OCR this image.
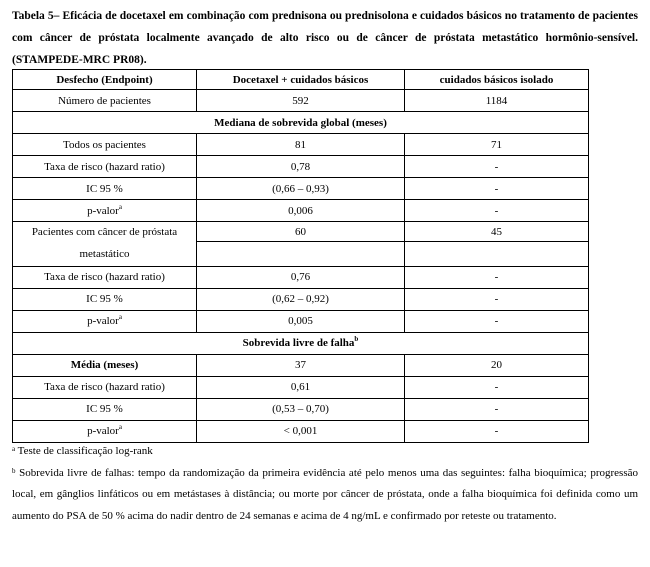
Tabela 5– Eficácia de docetaxel em combinação com prednisona ou prednisolona e cuidados básicos no tratamento de pacientes com câncer de próstata localmente avançado de alto risco ou de câncer de próstata metastático hormônio-sensível. (STAMPEDE-MRC PR08).
Desfecho (Endpoint)	Docetaxel + cuidados básicos	cuidados básicos isolado
Número de pacientes	592	1184
Mediana de sobrevida global (meses)		
Todos os pacientes	81	71
Taxa de risco (hazard ratio)	0,78	-
IC 95 %	(0,66 – 0,93)	-
p-valor$^a$	0,006	-
Pacientes com câncer de próstata	60	45
metastático		
Taxa de risco (hazard ratio)	0,76	-
IC 95 %	(0,62 – 0,92)	-
p-valor$^a$	0,005	-
Sobrevida livre de falha$^b$
Média (meses)	37	20
Taxa de risco (hazard ratio)	0,61	-
IC 95 %	(0,53 – 0,70)	-
p-valor$^a$	< 0,001	-

$^a$ Teste de classificação log-rank

$^b$ Sobrevida livre de falhas: tempo da randomização da primeira evidência até pelo menos uma das seguintes: falha bioquímica; progressão local, em gânglios linfáticos ou em metástases à distância; ou morte por câncer de próstata, onde a falha bioquímica foi definida como um aumento do PSA de 50 % acima do nadir dentro de 24 semanas e acima de 4 ng/mL e confirmado por reteste ou tratamento.
